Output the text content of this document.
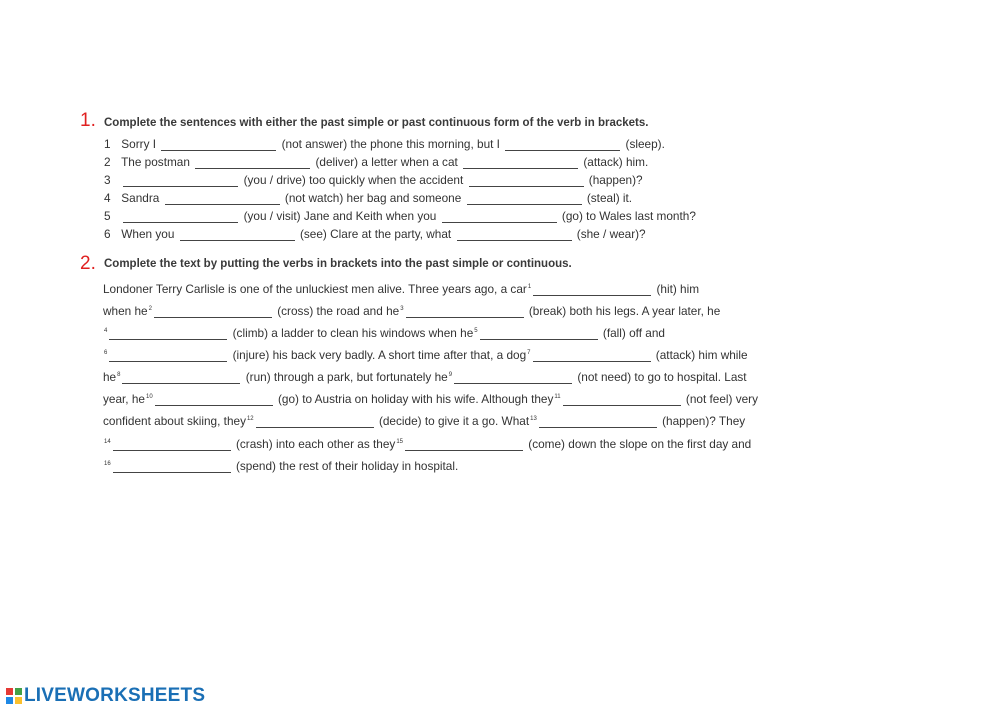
1. Complete the sentences with either the past simple or past continuous form of the verb in brackets.
1 Sorry I	(not answer) the phone this morning, but I	(sleep).
2 The postman	(deliver) a letter when a cat	(attack) him.
3	(you / drive) too quickly when the accident	(happen)?
4 Sandra	(not watch) her bag and someone	(steal) it.
5	(you / visit) Jane and Keith when you	(go) to Wales last month?
6 When you	(see) Clare at the party, what	(she / wear)?
2. Complete the text by putting the verbs in brackets into the past simple or continuous.
Londoner Terry Carlisle is one of the unluckiest men alive. Three years ago, a car$^1$	(hit) him
when $he^2$	(cross) the road and $he^3$	(break) both his legs. A year later, he
$^4$	(climb) a ladder to clean his windows when $he^5$	(fall) off and
$^6$	(injure) his back very badly. A short time after that, a dog$^7$	(attack) him while
$he^8$	(run) through a park, but fortunately $he^9$	(not need) to go to hospital. Last
year, $he^{10}$	(go) to Austria on holiday with his wife. Although they$^{11}$	(not feel) very
confident about skiing, they$^{12}$	(decide) to give it a go. What$^{13}$	(happen)? They
$^{14}$	(crash) into each other as they$^{15}$	(come) down the slope on the first day and
$^{16}$	(spend) the rest of their holiday in hospital.
LIVEWORKSHEETS
